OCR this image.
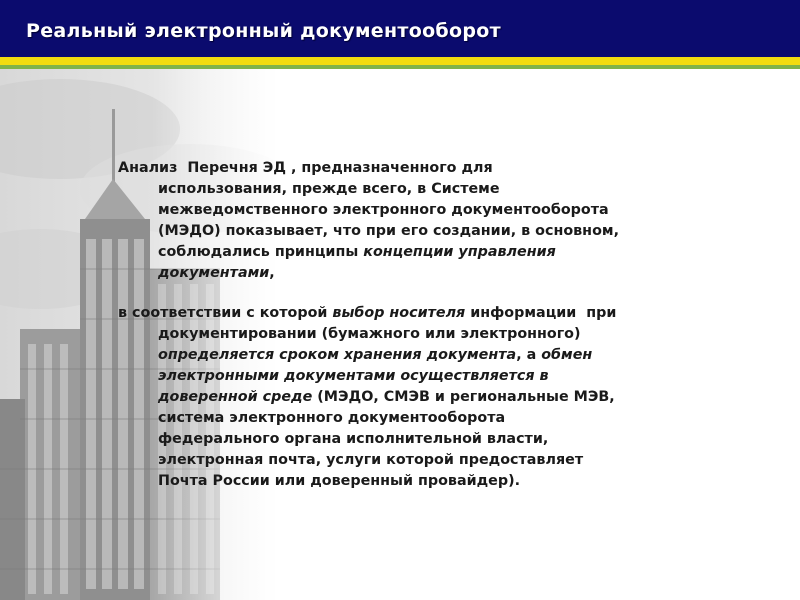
Реальный электронный документооборот
Анализ  Перечня ЭД , предназначенного для
использования, прежде всего, в Системе
межведомственного электронного документооборота
(МЭДО) показывает, что при его создании, в основном,
соблюдались принципы концепции управления
документами,
в соответствии с которой выбор носителя информации  при
документировании (бумажного или электронного)
определяется сроком хранения документа, а обмен
электронными документами осуществляется в
доверенной среде (МЭДО, СМЭВ и региональные МЭВ,
система электронного документооборота
федерального органа исполнительной власти,
электронная почта, услуги которой предоставляет
Почта России или доверенный провайдер).
